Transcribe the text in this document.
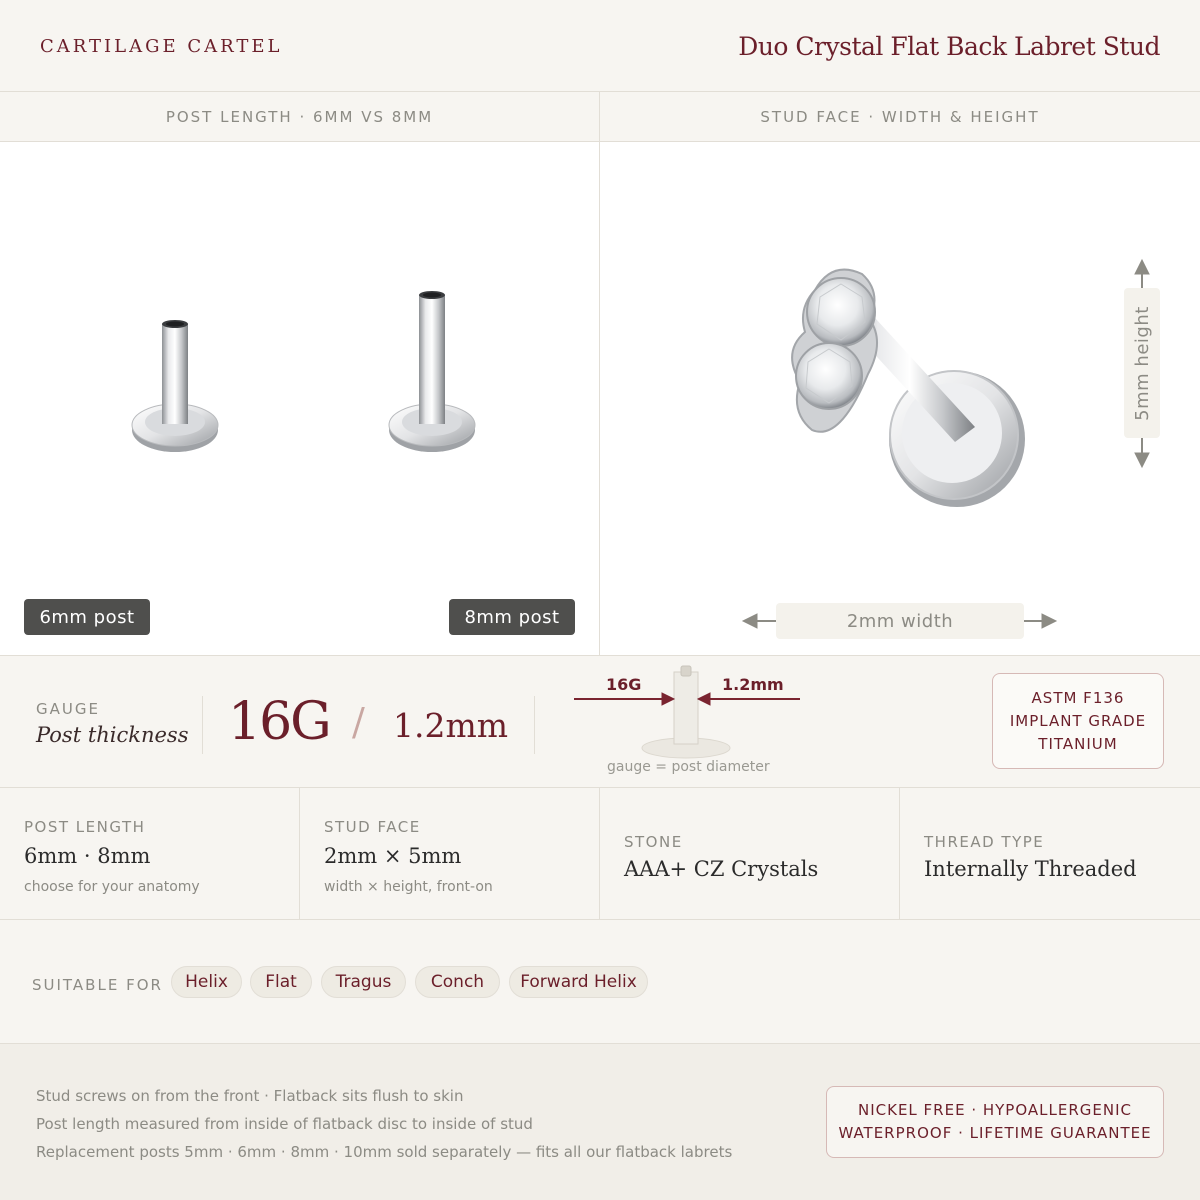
CARTILAGE CARTEL	Duo Crystal Flat Back Labret Stud
POST LENGTH · 6MM VS 8MM	STUD FACE · WIDTH & HEIGHT
6mm post	8mm post
5mm height
2mm width
GAUGE
Post thickness 16G / 1.2mm
16G	1.2mm
gauge = post diameter
ASTM F136
IMPLANT GRADE
TITANIUM
POST LENGTH
6mm · 8mm
choose for your anatomy
STUD FACE
2mm × 5mm
width × height, front-on
STONE
AAA+ CZ Crystals
THREAD TYPE
Internally Threaded
SUITABLE FOR	Helix	Flat	Tragus	Conch	Forward Helix
Stud screws on from the front · Flatback sits flush to skin
Post length measured from inside of flatback disc to inside of stud
Replacement posts 5mm · 6mm · 8mm · 10mm sold separately — fits all our flatback labrets
NICKEL FREE · HYPOALLERGENIC
WATERPROOF · LIFETIME GUARANTEE
